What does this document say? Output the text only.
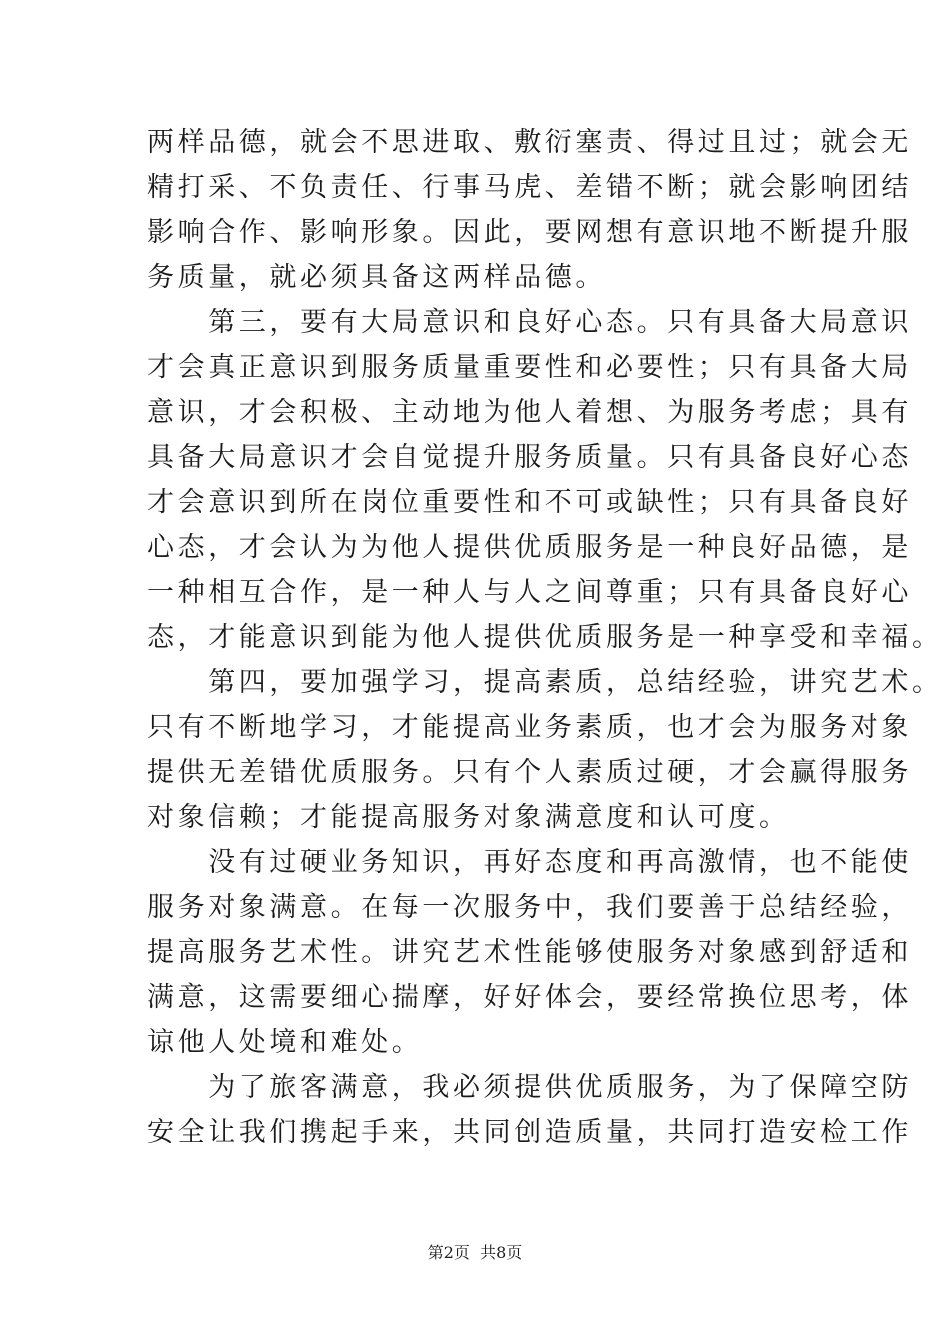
两样品德，就会不思进取、敷衍塞责、得过且过；就会无
精打采、不负责任、行事马虎、差错不断；就会影响团结
影响合作、影响形象。因此，要网想有意识地不断提升服
务质量，就必须具备这两样品德。
　　第三，要有大局意识和良好心态。只有具备大局意识
才会真正意识到服务质量重要性和必要性；只有具备大局
意识，才会积极、主动地为他人着想、为服务考虑；具有
具备大局意识才会自觉提升服务质量。只有具备良好心态
才会意识到所在岗位重要性和不可或缺性；只有具备良好
心态，才会认为为他人提供优质服务是一种良好品德，是
一种相互合作，是一种人与人之间尊重；只有具备良好心
态，才能意识到能为他人提供优质服务是一种享受和幸福。
　　第四，要加强学习，提高素质，总结经验，讲究艺术。
只有不断地学习，才能提高业务素质，也才会为服务对象
提供无差错优质服务。只有个人素质过硬，才会赢得服务
对象信赖；才能提高服务对象满意度和认可度。
　　没有过硬业务知识，再好态度和再高激情，也不能使
服务对象满意。在每一次服务中，我们要善于总结经验，
提高服务艺术性。讲究艺术性能够使服务对象感到舒适和
满意，这需要细心揣摩，好好体会，要经常换位思考，体
谅他人处境和难处。
　　为了旅客满意，我必须提供优质服务，为了保障空防
安全让我们携起手来，共同创造质量，共同打造安检工作
第2页  共8页
